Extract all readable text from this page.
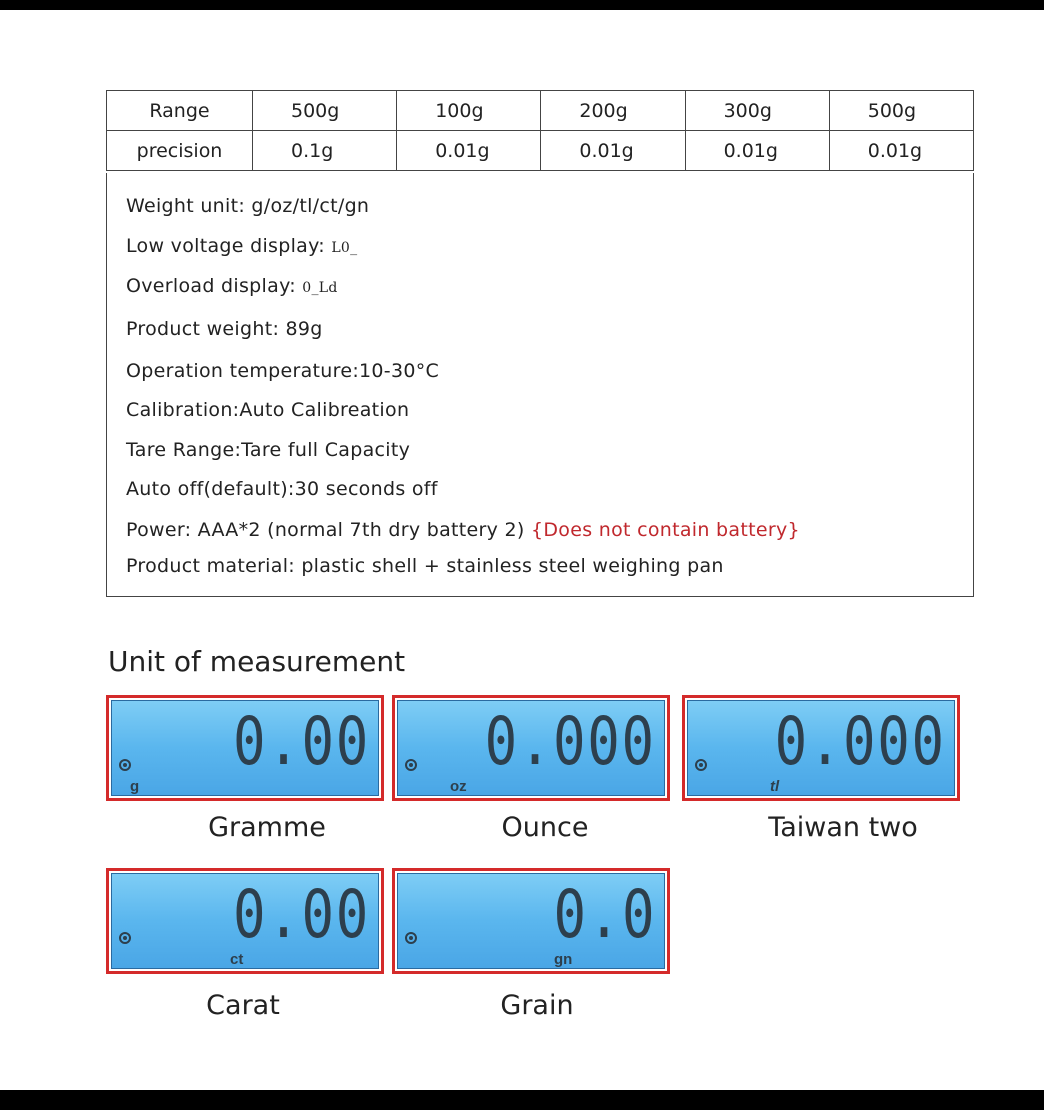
Range	500g	100g	200g	300g	500g
precision	0.1g	0.01g	0.01g	0.01g	0.01g
Weight unit: g/oz/tl/ct/gn
Low voltage display: L0_
Overload display: 0_Ld
Product weight: 89g
Operation temperature:10-30°C
Calibration:Auto Calibreation
Tare Range:Tare full Capacity
Auto off(default):30 seconds off
Power: AAA*2 (normal 7th dry battery 2) {Does not contain battery}
Product material: plastic shell + stainless steel weighing pan
Unit of measurement
0.00
g
Gramme
0.000
oz
Ounce
0.000
tl
Taiwan two
0.00
ct
Carat
0.0
gn
Grain
